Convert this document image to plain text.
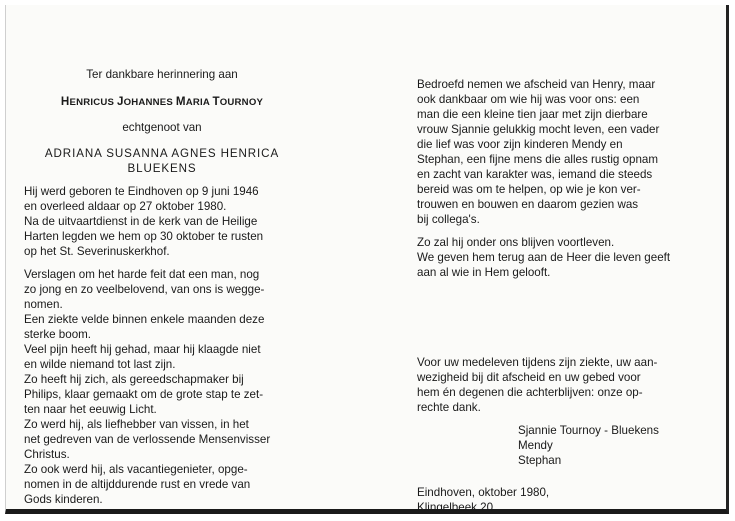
Ter dankbare herinnering aan
HENRICUS JOHANNES MARIA TOURNOY
echtgenoot van
ADRIANA SUSANNA AGNES HENRICA
BLUEKENS
Hij werd geboren te Eindhoven op 9 juni 1946
en overleed aldaar op 27 oktober 1980.
Na de uitvaartdienst in de kerk van de Heilige
Harten legden we hem op 30 oktober te rusten
op het St. Severinuskerkhof.
Verslagen om het harde feit dat een man, nog
zo jong en zo veelbelovend, van ons is wegge-
nomen.
Een ziekte velde binnen enkele maanden deze
sterke boom.
Veel pijn heeft hij gehad, maar hij klaagde niet
en wilde niemand tot last zijn.
Zo heeft hij zich, als gereedschapmaker bij
Philips, klaar gemaakt om de grote stap te zet-
ten naar het eeuwig Licht.
Zo werd hij, als liefhebber van vissen, in het
net gedreven van de verlossende Mensenvisser
Christus.
Zo ook werd hij, als vacantiegenieter, opge-
nomen in de altijddurende rust en vrede van
Gods kinderen.
Bedroefd nemen we afscheid van Henry, maar
ook dankbaar om wie hij was voor ons: een
man die een kleine tien jaar met zijn dierbare
vrouw Sjannie gelukkig mocht leven, een vader
die lief was voor zijn kinderen Mendy en
Stephan, een fijne mens die alles rustig opnam
en zacht van karakter was, iemand die steeds
bereid was om te helpen, op wie je kon ver-
trouwen en bouwen en daarom gezien was
bij collega's.
Zo zal hij onder ons blijven voortleven.
We geven hem terug aan de Heer die leven geeft
aan al wie in Hem gelooft.
Voor uw medeleven tijdens zijn ziekte, uw aan-
wezigheid bij dit afscheid en uw gebed voor
hem én degenen die achterblijven: onze op-
rechte dank.
Sjannie Tournoy - Bluekens
Mendy
Stephan
Eindhoven, oktober 1980,
Klingelbeek 20.
